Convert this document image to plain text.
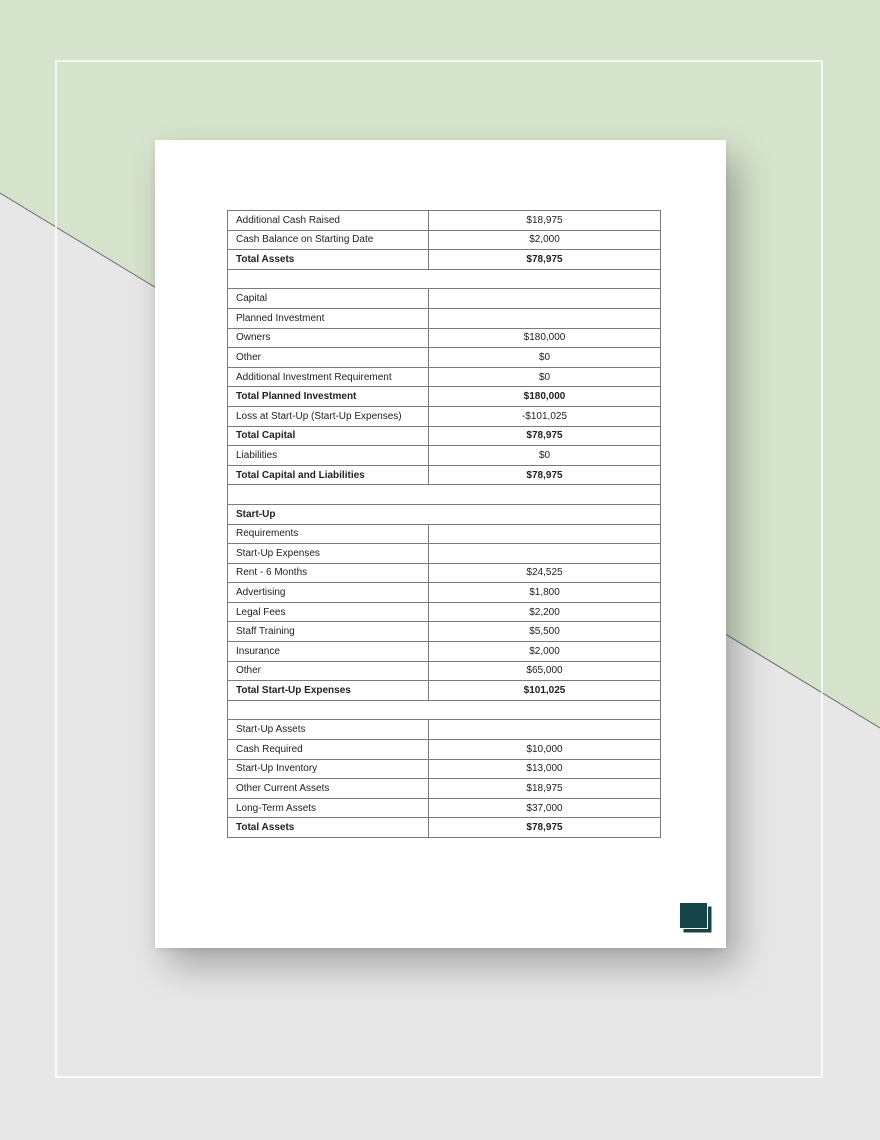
Additional Cash Raised	$18,975
Cash Balance on Starting Date	$2,000
Total Assets	$78,975

Capital	
Planned Investment	
Owners	$180,000
Other	$0
Additional Investment Requirement	$0
Total Planned Investment	$180,000
Loss at Start-Up (Start-Up Expenses)	-$101,025
Total Capital	$78,975
Liabilities	$0
Total Capital and Liabilities	$78,975

Start-Up	
Requirements	
Start-Up Expenses	
Rent - 6 Months	$24,525
Advertising	$1,800
Legal Fees	$2,200
Staff Training	$5,500
Insurance	$2,000
Other	$65,000
Total Start-Up Expenses	$101,025

Start-Up Assets	
Cash Required	$10,000
Start-Up Inventory	$13,000
Other Current Assets	$18,975
Long-Term Assets	$37,000
Total Assets	$78,975
